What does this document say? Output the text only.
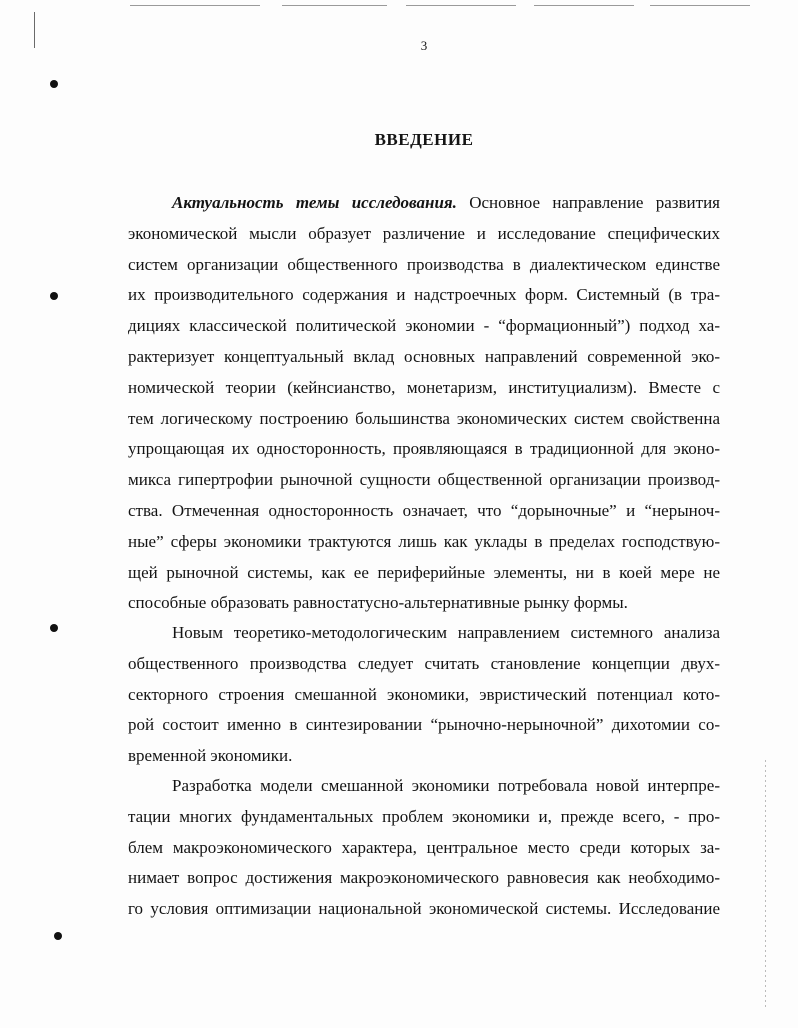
3
ВВЕДЕНИЕ
Актуальность темы исследования. Основное направление развития
экономической мысли образует различение и исследование специфических
систем организации общественного производства в диалектическом единстве
их производительного содержания и надстроечных форм. Системный (в тра-
дициях классической политической экономии - “формационный”) подход ха-
рактеризует концептуальный вклад основных направлений современной эко-
номической теории (кейнсианство, монетаризм, институциализм). Вместе с
тем логическому построению большинства экономических систем свойственна
упрощающая их односторонность, проявляющаяся в традиционной для эконо-
микса гипертрофии рыночной сущности общественной организации производ-
ства. Отмеченная односторонность означает, что “дорыночные” и “нерыноч-
ные” сферы экономики трактуются лишь как уклады в пределах господствую-
щей рыночной системы, как ее периферийные элементы, ни в коей мере не
способные образовать равностатусно-альтернативные рынку формы.
Новым теоретико-методологическим направлением системного анализа
общественного производства следует считать становление концепции двух-
секторного строения смешанной экономики, эвристический потенциал кото-
рой состоит именно в синтезировании “рыночно-нерыночной” дихотомии со-
временной экономики.
Разработка модели смешанной экономики потребовала новой интерпре-
тации многих фундаментальных проблем экономики и, прежде всего, - про-
блем макроэкономического характера, центральное место среди которых за-
нимает вопрос достижения макроэкономического равновесия как необходимо-
го условия оптимизации национальной экономической системы. Исследование
